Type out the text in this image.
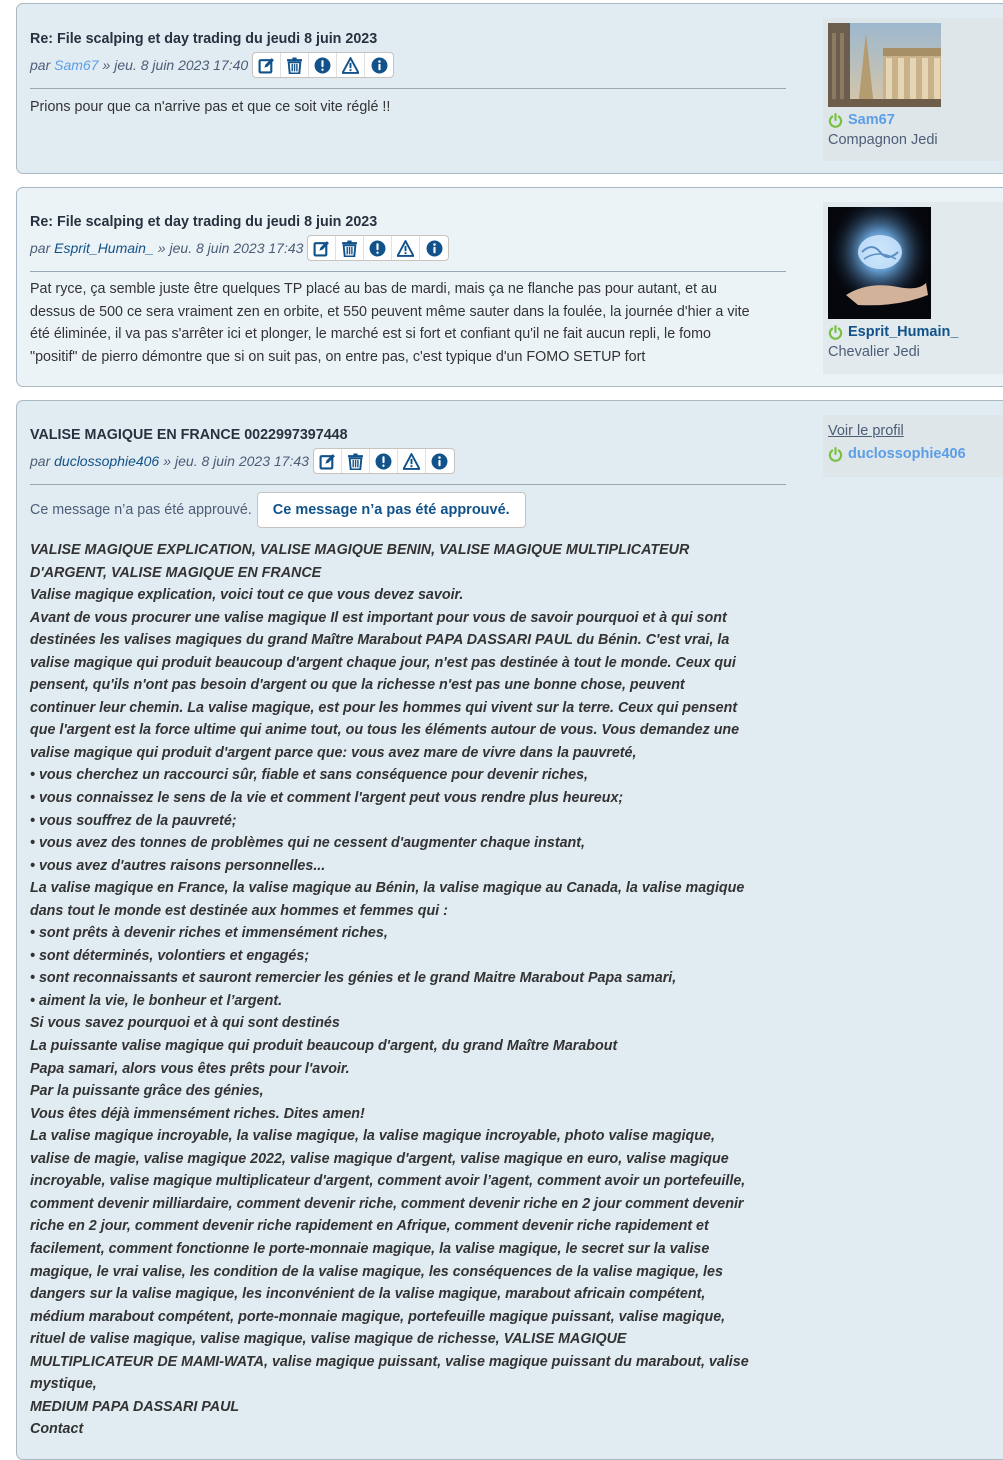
Re: File scalping et day trading du jeudi 8 juin 2023
par
Sam67 » jeu. 8 juin 2023 17:40
Prions pour que ca n'arrive pas et que ce soit vite réglé !!
Sam67
Compagnon Jedi
Re: File scalping et day trading du jeudi 8 juin 2023
par
Esprit_Humain_ » jeu. 8 juin 2023 17:43
Pat ryce, ça semble juste être quelques TP placé au bas de mardi, mais ça ne flanche pas pour autant, et au
dessus de 500 ce sera vraiment zen en orbite, et 550 peuvent même sauter dans la foulée, la journée d'hier a vite
été éliminée, il va pas s'arrêter ici et plonger, le marché est si fort et confiant qu'il ne fait aucun repli, le fomo
"positif" de pierro démontre que si on suit pas, on entre pas, c'est typique d'un FOMO SETUP fort
Esprit_Humain_
Chevalier Jedi
VALISE MAGIQUE EN FRANCE 0022997397448
par
duclossophie406 » jeu. 8 juin 2023 17:43
Ce message n’a pas été approuvé.	Ce message n’a pas été approuvé.
VALISE MAGIQUE EXPLICATION, VALISE MAGIQUE BENIN, VALISE MAGIQUE MULTIPLICATEUR
D'ARGENT, VALISE MAGIQUE EN FRANCE
Valise magique explication, voici tout ce que vous devez savoir.
Avant de vous procurer une valise magique Il est important pour vous de savoir pourquoi et à qui sont
destinées les valises magiques du grand Maître Marabout PAPA DASSARI PAUL du Bénin. C'est vrai, la
valise magique qui produit beaucoup d'argent chaque jour, n'est pas destinée à tout le monde. Ceux qui
pensent, qu'ils n'ont pas besoin d'argent ou que la richesse n'est pas une bonne chose, peuvent
continuer leur chemin. La valise magique, est pour les hommes qui vivent sur la terre. Ceux qui pensent
que l'argent est la force ultime qui anime tout, ou tous les éléments autour de vous. Vous demandez une
valise magique qui produit d'argent parce que: vous avez mare de vivre dans la pauvreté,
• vous cherchez un raccourci sûr, fiable et sans conséquence pour devenir riches,
• vous connaissez le sens de la vie et comment l'argent peut vous rendre plus heureux;
• vous souffrez de la pauvreté;
• vous avez des tonnes de problèmes qui ne cessent d'augmenter chaque instant,
• vous avez d'autres raisons personnelles...
La valise magique en France, la valise magique au Bénin, la valise magique au Canada, la valise magique
dans tout le monde est destinée aux hommes et femmes qui :
• sont prêts à devenir riches et immensément riches,
• sont déterminés, volontiers et engagés;
• sont reconnaissants et sauront remercier les génies et le grand Maitre Marabout Papa samari,
• aiment la vie, le bonheur et l’argent.
Si vous savez pourquoi et à qui sont destinés
La puissante valise magique qui produit beaucoup d'argent, du grand Maître Marabout
Papa samari, alors vous êtes prêts pour l'avoir.
Par la puissante grâce des génies,
Vous êtes déjà immensément riches. Dites amen!
La valise magique incroyable, la valise magique, la valise magique incroyable, photo valise magique,
valise de magie, valise magique 2022, valise magique d'argent, valise magique en euro, valise magique
incroyable, valise magique multiplicateur d'argent, comment avoir l’agent, comment avoir un portefeuille,
comment devenir milliardaire, comment devenir riche, comment devenir riche en 2 jour comment devenir
riche en 2 jour, comment devenir riche rapidement en Afrique, comment devenir riche rapidement et
facilement, comment fonctionne le porte-monnaie magique, la valise magique, le secret sur la valise
magique, le vrai valise, les condition de la valise magique, les conséquences de la valise magique, les
dangers sur la valise magique, les inconvénient de la valise magique, marabout africain compétent,
médium marabout compétent, porte-monnaie magique, portefeuille magique puissant, valise magique,
rituel de valise magique, valise magique, valise magique de richesse, VALISE MAGIQUE
MULTIPLICATEUR DE MAMI-WATA, valise magique puissant, valise magique puissant du marabout, valise
mystique,
MEDIUM PAPA DASSARI PAUL
Contact
Voir le profil
duclossophie406
